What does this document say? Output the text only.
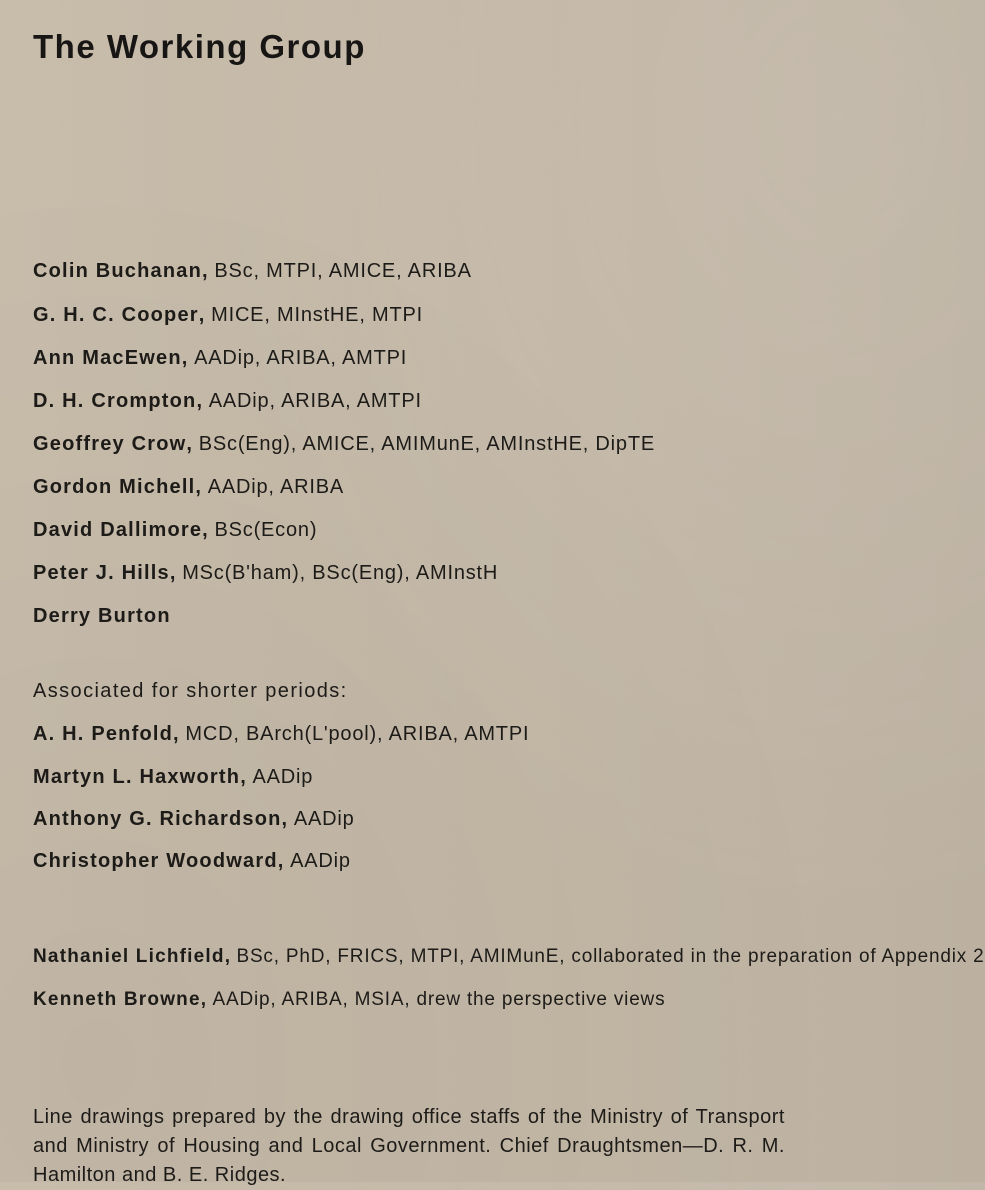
The Working Group
Colin Buchanan, BSc, MTPI, AMICE, ARIBA
G. H. C. Cooper, MICE, MInstHE, MTPI
Ann MacEwen, AADip, ARIBA, AMTPI
D. H. Crompton, AADip, ARIBA, AMTPI
Geoffrey Crow, BSc(Eng), AMICE, AMIMunE, AMInstHE, DipTE
Gordon Michell, AADip, ARIBA
David Dallimore, BSc(Econ)
Peter J. Hills, MSc(B'ham), BSc(Eng), AMInstH
Derry Burton
Associated for shorter periods:
A. H. Penfold, MCD, BArch(L'pool), ARIBA, AMTPI
Martyn L. Haxworth, AADip
Anthony G. Richardson, AADip
Christopher Woodward, AADip
Nathaniel Lichfield, BSc, PhD, FRICS, MTPI, AMIMunE, collaborated in the preparation of Appendix 2
Kenneth Browne, AADip, ARIBA, MSIA, drew the perspective views

Line drawings prepared by the drawing office staffs of the Ministry of Transport and Ministry of Housing and Local Government. Chief Draughtsmen—D. R. M. Hamilton and B. E. Ridges.
